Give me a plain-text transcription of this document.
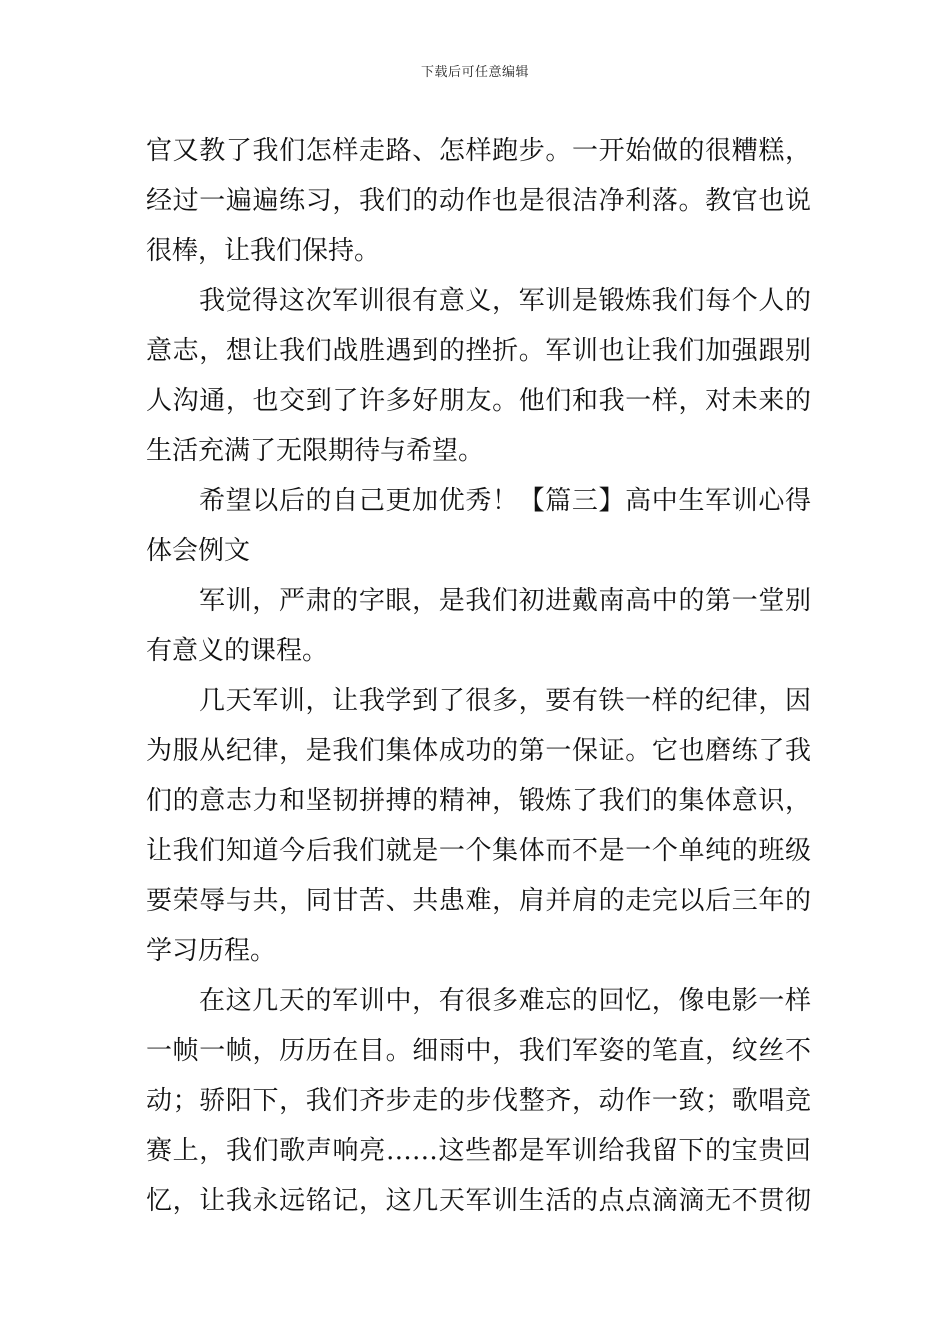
下载后可任意编辑
官又教了我们怎样走路、怎样跑步。一开始做的很糟糕，
经过一遍遍练习，我们的动作也是很洁净利落。教官也说
很棒，让我们保持。
我觉得这次军训很有意义，军训是锻炼我们每个人的
意志，想让我们战胜遇到的挫折。军训也让我们加强跟别
人沟通，也交到了许多好朋友。他们和我一样，对未来的
生活充满了无限期待与希望。
希望以后的自己更加优秀！【篇三】高中生军训心得
体会例文
军训，严肃的字眼，是我们初进戴南高中的第一堂别
有意义的课程。
几天军训，让我学到了很多，要有铁一样的纪律，因
为服从纪律，是我们集体成功的第一保证。它也磨练了我
们的意志力和坚韧拼搏的精神，锻炼了我们的集体意识，
让我们知道今后我们就是一个集体而不是一个单纯的班级
要荣辱与共，同甘苦、共患难，肩并肩的走完以后三年的
学习历程。
在这几天的军训中，有很多难忘的回忆，像电影一样
一帧一帧，历历在目。细雨中，我们军姿的笔直，纹丝不
动；骄阳下，我们齐步走的步伐整齐，动作一致；歌唱竞
赛上，我们歌声响亮……这些都是军训给我留下的宝贵回
忆，让我永远铭记，这几天军训生活的点点滴滴无不贯彻
